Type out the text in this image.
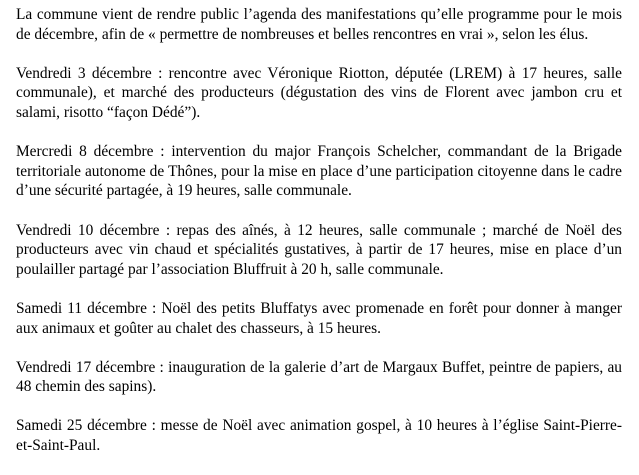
La commune vient de rendre public l’agenda des manifestations qu’elle programme pour le mois de décembre, afin de « permettre de nombreuses et belles rencontres en vrai », selon les élus.

Vendredi 3 décembre : rencontre avec Véronique Riotton, députée (LREM) à 17 heures, salle communale), et marché des producteurs (dégustation des vins de Florent avec jambon cru et salami, risotto “façon Dédé”).

Mercredi 8 décembre : intervention du major François Schelcher, commandant de la Brigade territoriale autonome de Thônes, pour la mise en place d’une participation citoyenne dans le cadre d’une sécurité partagée, à 19 heures, salle communale.

Vendredi 10 décembre : repas des aînés, à 12 heures, salle communale ; marché de Noël des producteurs avec vin chaud et spécialités gustatives, à partir de 17 heures, mise en place d’un poulailler partagé par l’association Bluffruit à 20 h, salle communale.

Samedi 11 décembre : Noël des petits Bluffatys avec promenade en forêt pour donner à manger aux animaux et goûter au chalet des chasseurs, à 15 heures.

Vendredi 17 décembre : inauguration de la galerie d’art de Margaux Buffet, peintre de papiers, au 48 chemin des sapins).

Samedi 25 décembre : messe de Noël avec animation gospel, à 10 heures à l’église Saint-Pierre-et-Saint-Paul.
